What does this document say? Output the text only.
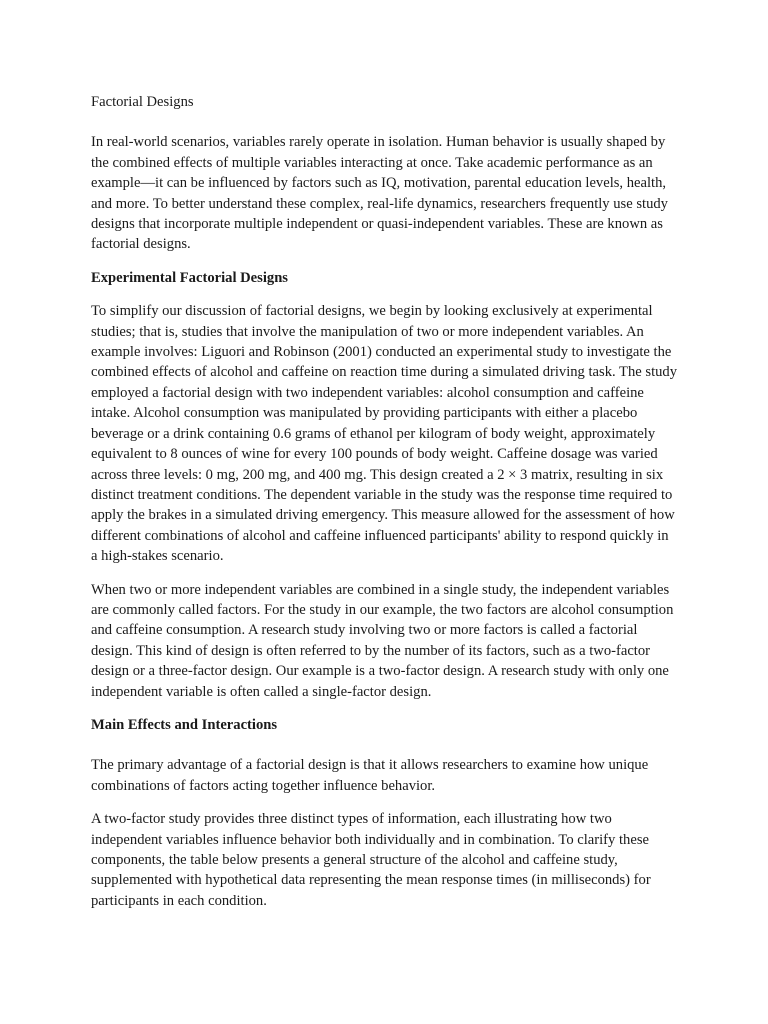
Factorial Designs

In real-world scenarios, variables rarely operate in isolation. Human behavior is usually shaped by the combined effects of multiple variables interacting at once. Take academic performance as an example—it can be influenced by factors such as IQ, motivation, parental education levels, health, and more. To better understand these complex, real-life dynamics, researchers frequently use study designs that incorporate multiple independent or quasi-independent variables. These are known as factorial designs.

Experimental Factorial Designs

To simplify our discussion of factorial designs, we begin by looking exclusively at experimental studies; that is, studies that involve the manipulation of two or more independent variables. An example involves: Liguori and Robinson (2001) conducted an experimental study to investigate the combined effects of alcohol and caffeine on reaction time during a simulated driving task. The study employed a factorial design with two independent variables: alcohol consumption and caffeine intake. Alcohol consumption was manipulated by providing participants with either a placebo beverage or a drink containing 0.6 grams of ethanol per kilogram of body weight, approximately equivalent to 8 ounces of wine for every 100 pounds of body weight. Caffeine dosage was varied across three levels: 0 mg, 200 mg, and 400 mg. This design created a 2 × 3 matrix, resulting in six distinct treatment conditions. The dependent variable in the study was the response time required to apply the brakes in a simulated driving emergency. This measure allowed for the assessment of how different combinations of alcohol and caffeine influenced participants' ability to respond quickly in a high-stakes scenario.

When two or more independent variables are combined in a single study, the independent variables are commonly called factors. For the study in our example, the two factors are alcohol consumption and caffeine consumption. A research study involving two or more factors is called a factorial design. This kind of design is often referred to by the number of its factors, such as a two-factor design or a three-factor design. Our example is a two-factor design. A research study with only one independent variable is often called a single-factor design.

Main Effects and Interactions

The primary advantage of a factorial design is that it allows researchers to examine how unique combinations of factors acting together influence behavior.

A two-factor study provides three distinct types of information, each illustrating how two independent variables influence behavior both individually and in combination. To clarify these components, the table below presents a general structure of the alcohol and caffeine study, supplemented with hypothetical data representing the mean response times (in milliseconds) for participants in each condition.
